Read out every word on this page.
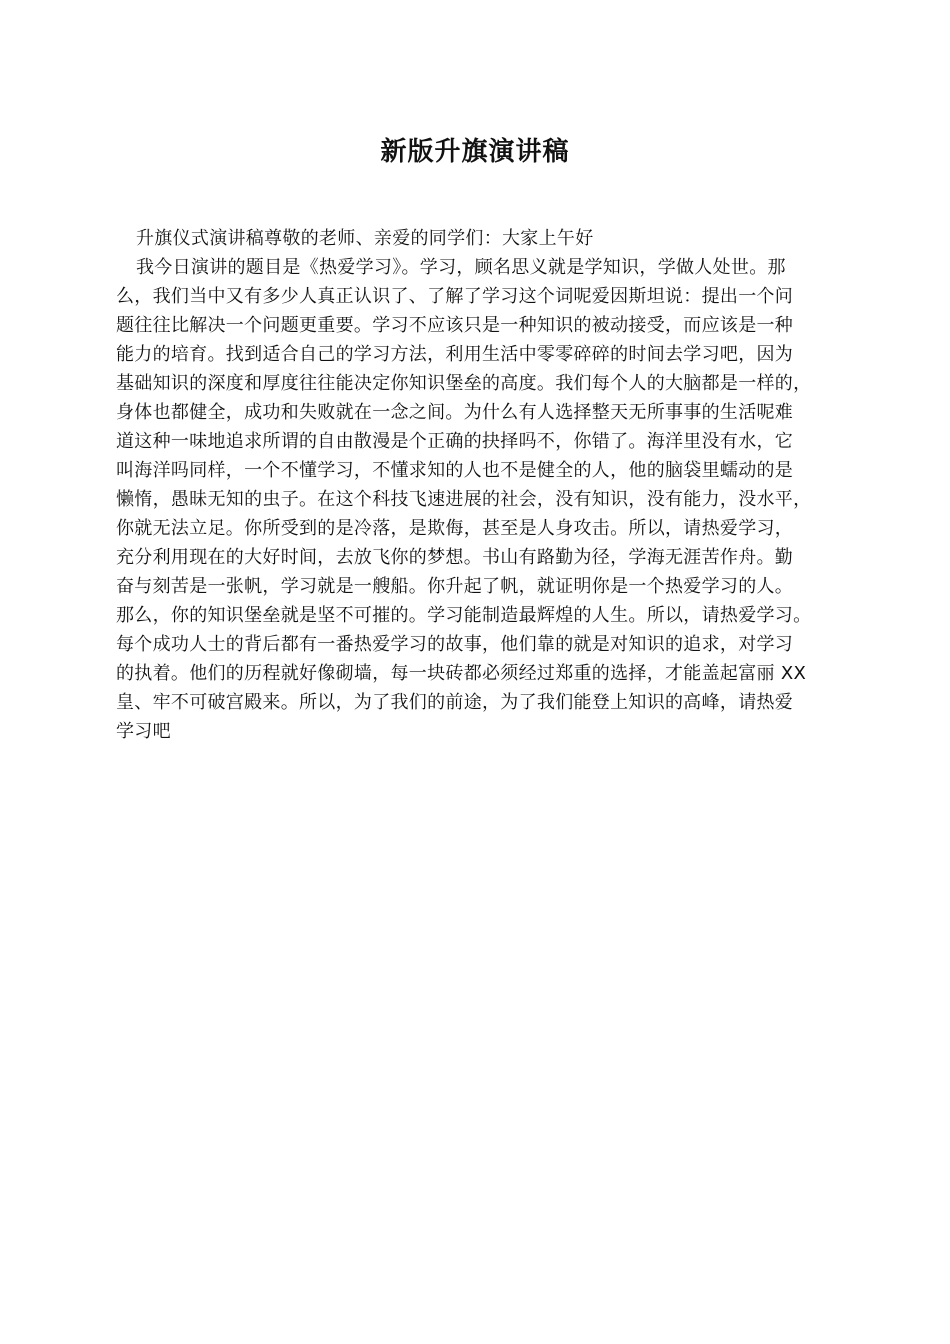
新版升旗演讲稿
升旗仪式演讲稿尊敬的老师、亲爱的同学们：大家上午好
我今日演讲的题目是《热爱学习》。学习，顾名思义就是学知识，学做人处世。那
么，我们当中又有多少人真正认识了、了解了学习这个词呢爱因斯坦说：提出一个问
题往往比解决一个问题更重要。学习不应该只是一种知识的被动接受，而应该是一种
能力的培育。找到适合自己的学习方法，利用生活中零零碎碎的时间去学习吧，因为
基础知识的深度和厚度往往能决定你知识堡垒的高度。我们每个人的大脑都是一样的，
身体也都健全，成功和失败就在一念之间。为什么有人选择整天无所事事的生活呢难
道这种一味地追求所谓的自由散漫是个正确的抉择吗不，你错了。海洋里没有水，它
叫海洋吗同样，一个不懂学习，不懂求知的人也不是健全的人，他的脑袋里蠕动的是
懒惰，愚昧无知的虫子。在这个科技飞速进展的社会，没有知识，没有能力，没水平，
你就无法立足。你所受到的是冷落，是欺侮，甚至是人身攻击。所以，请热爱学习，
充分利用现在的大好时间，去放飞你的梦想。书山有路勤为径，学海无涯苦作舟。勤
奋与刻苦是一张帆，学习就是一艘船。你升起了帆，就证明你是一个热爱学习的人。
那么，你的知识堡垒就是坚不可摧的。学习能制造最辉煌的人生。所以，请热爱学习。
每个成功人士的背后都有一番热爱学习的故事，他们靠的就是对知识的追求，对学习
的执着。他们的历程就好像砌墙，每一块砖都必须经过郑重的选择，才能盖起富丽 XX
皇、牢不可破宫殿来。所以，为了我们的前途，为了我们能登上知识的高峰，请热爱
学习吧
